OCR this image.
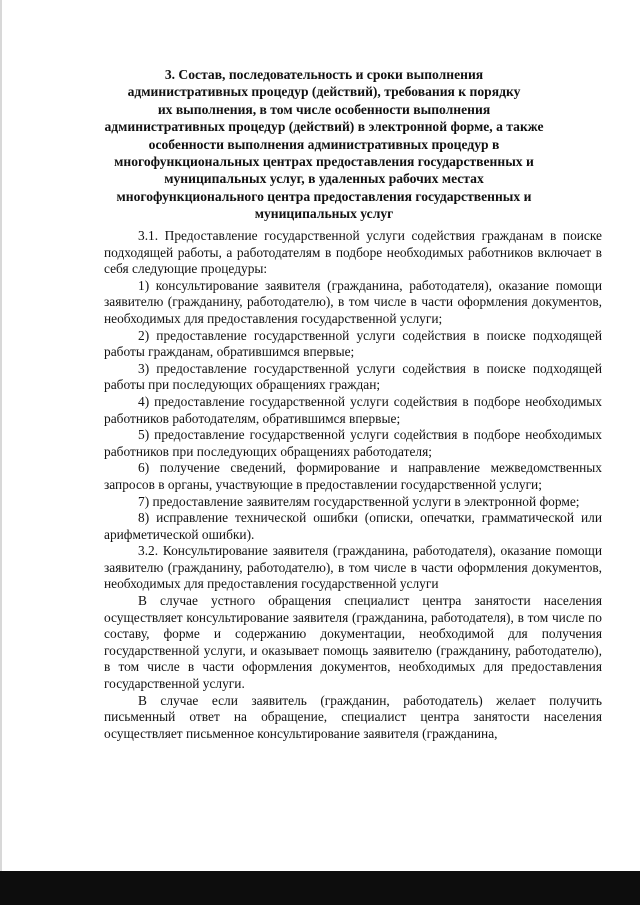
3. Состав, последовательность и сроки выполнения
административных процедур (действий), требования к порядку
их выполнения, в том числе особенности выполнения
административных процедур (действий) в электронной форме, а также
особенности выполнения административных процедур в
многофункциональных центрах предоставления государственных и
муниципальных услуг, в удаленных рабочих местах
многофункционального центра предоставления государственных и
муниципальных услуг

3.1. Предоставление государственной услуги содействия гражданам в поиске подходящей работы, а работодателям в подборе необходимых работников включает в себя следующие процедуры:

1) консультирование заявителя (гражданина, работодателя), оказание помощи заявителю (гражданину, работодателю), в том числе в части оформления документов, необходимых для предоставления государственной услуги;

2) предоставление государственной услуги содействия в поиске подходящей работы гражданам, обратившимся впервые;

3) предоставление государственной услуги содействия в поиске подходящей работы при последующих обращениях граждан;

4) предоставление государственной услуги содействия в подборе необходимых работников работодателям, обратившимся впервые;

5) предоставление государственной услуги содействия в подборе необходимых работников при последующих обращениях работодателя;

6) получение сведений, формирование и направление межведомственных запросов в органы, участвующие в предоставлении государственной услуги;

7) предоставление заявителям государственной услуги в электронной форме;

8) исправление технической ошибки (описки, опечатки, грамматической или арифметической ошибки).

3.2. Консультирование заявителя (гражданина, работодателя), оказание помощи заявителю (гражданину, работодателю), в том числе в части оформления документов, необходимых для предоставления государственной услуги

В случае устного обращения специалист центра занятости населения осуществляет консультирование заявителя (гражданина, работодателя), в том числе по составу, форме и содержанию документации, необходимой для получения государственной услуги, и оказывает помощь заявителю (гражданину, работодателю), в том числе в части оформления документов, необходимых для предоставления государственной услуги.

В случае если заявитель (гражданин, работодатель) желает получить письменный ответ на обращение, специалист центра занятости населения осуществляет письменное консультирование заявителя (гражданина,
